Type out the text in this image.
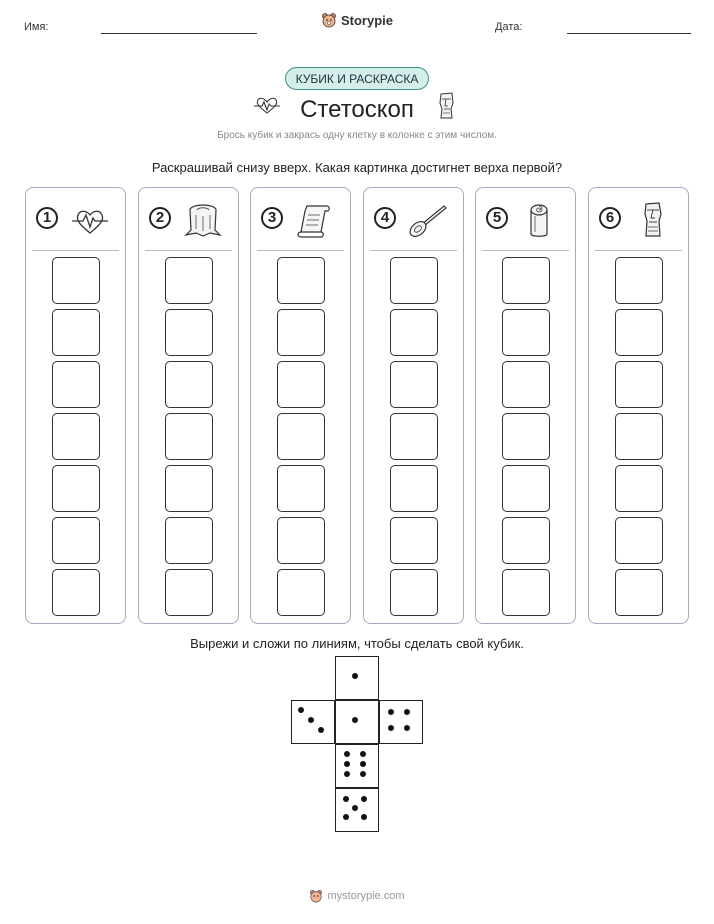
Имя:	Storypie	Дата:
КУБИК И РАСКРАСКА
Стетоскоп
Брось кубик и закрась одну клетку в колонке с этим числом.
Раскрашивай снизу вверх. Какая картинка достигнет верха первой?
1	2	3	4	5	6
Вырежи и сложи по линиям, чтобы сделать свой кубик.
mystorypie.com
